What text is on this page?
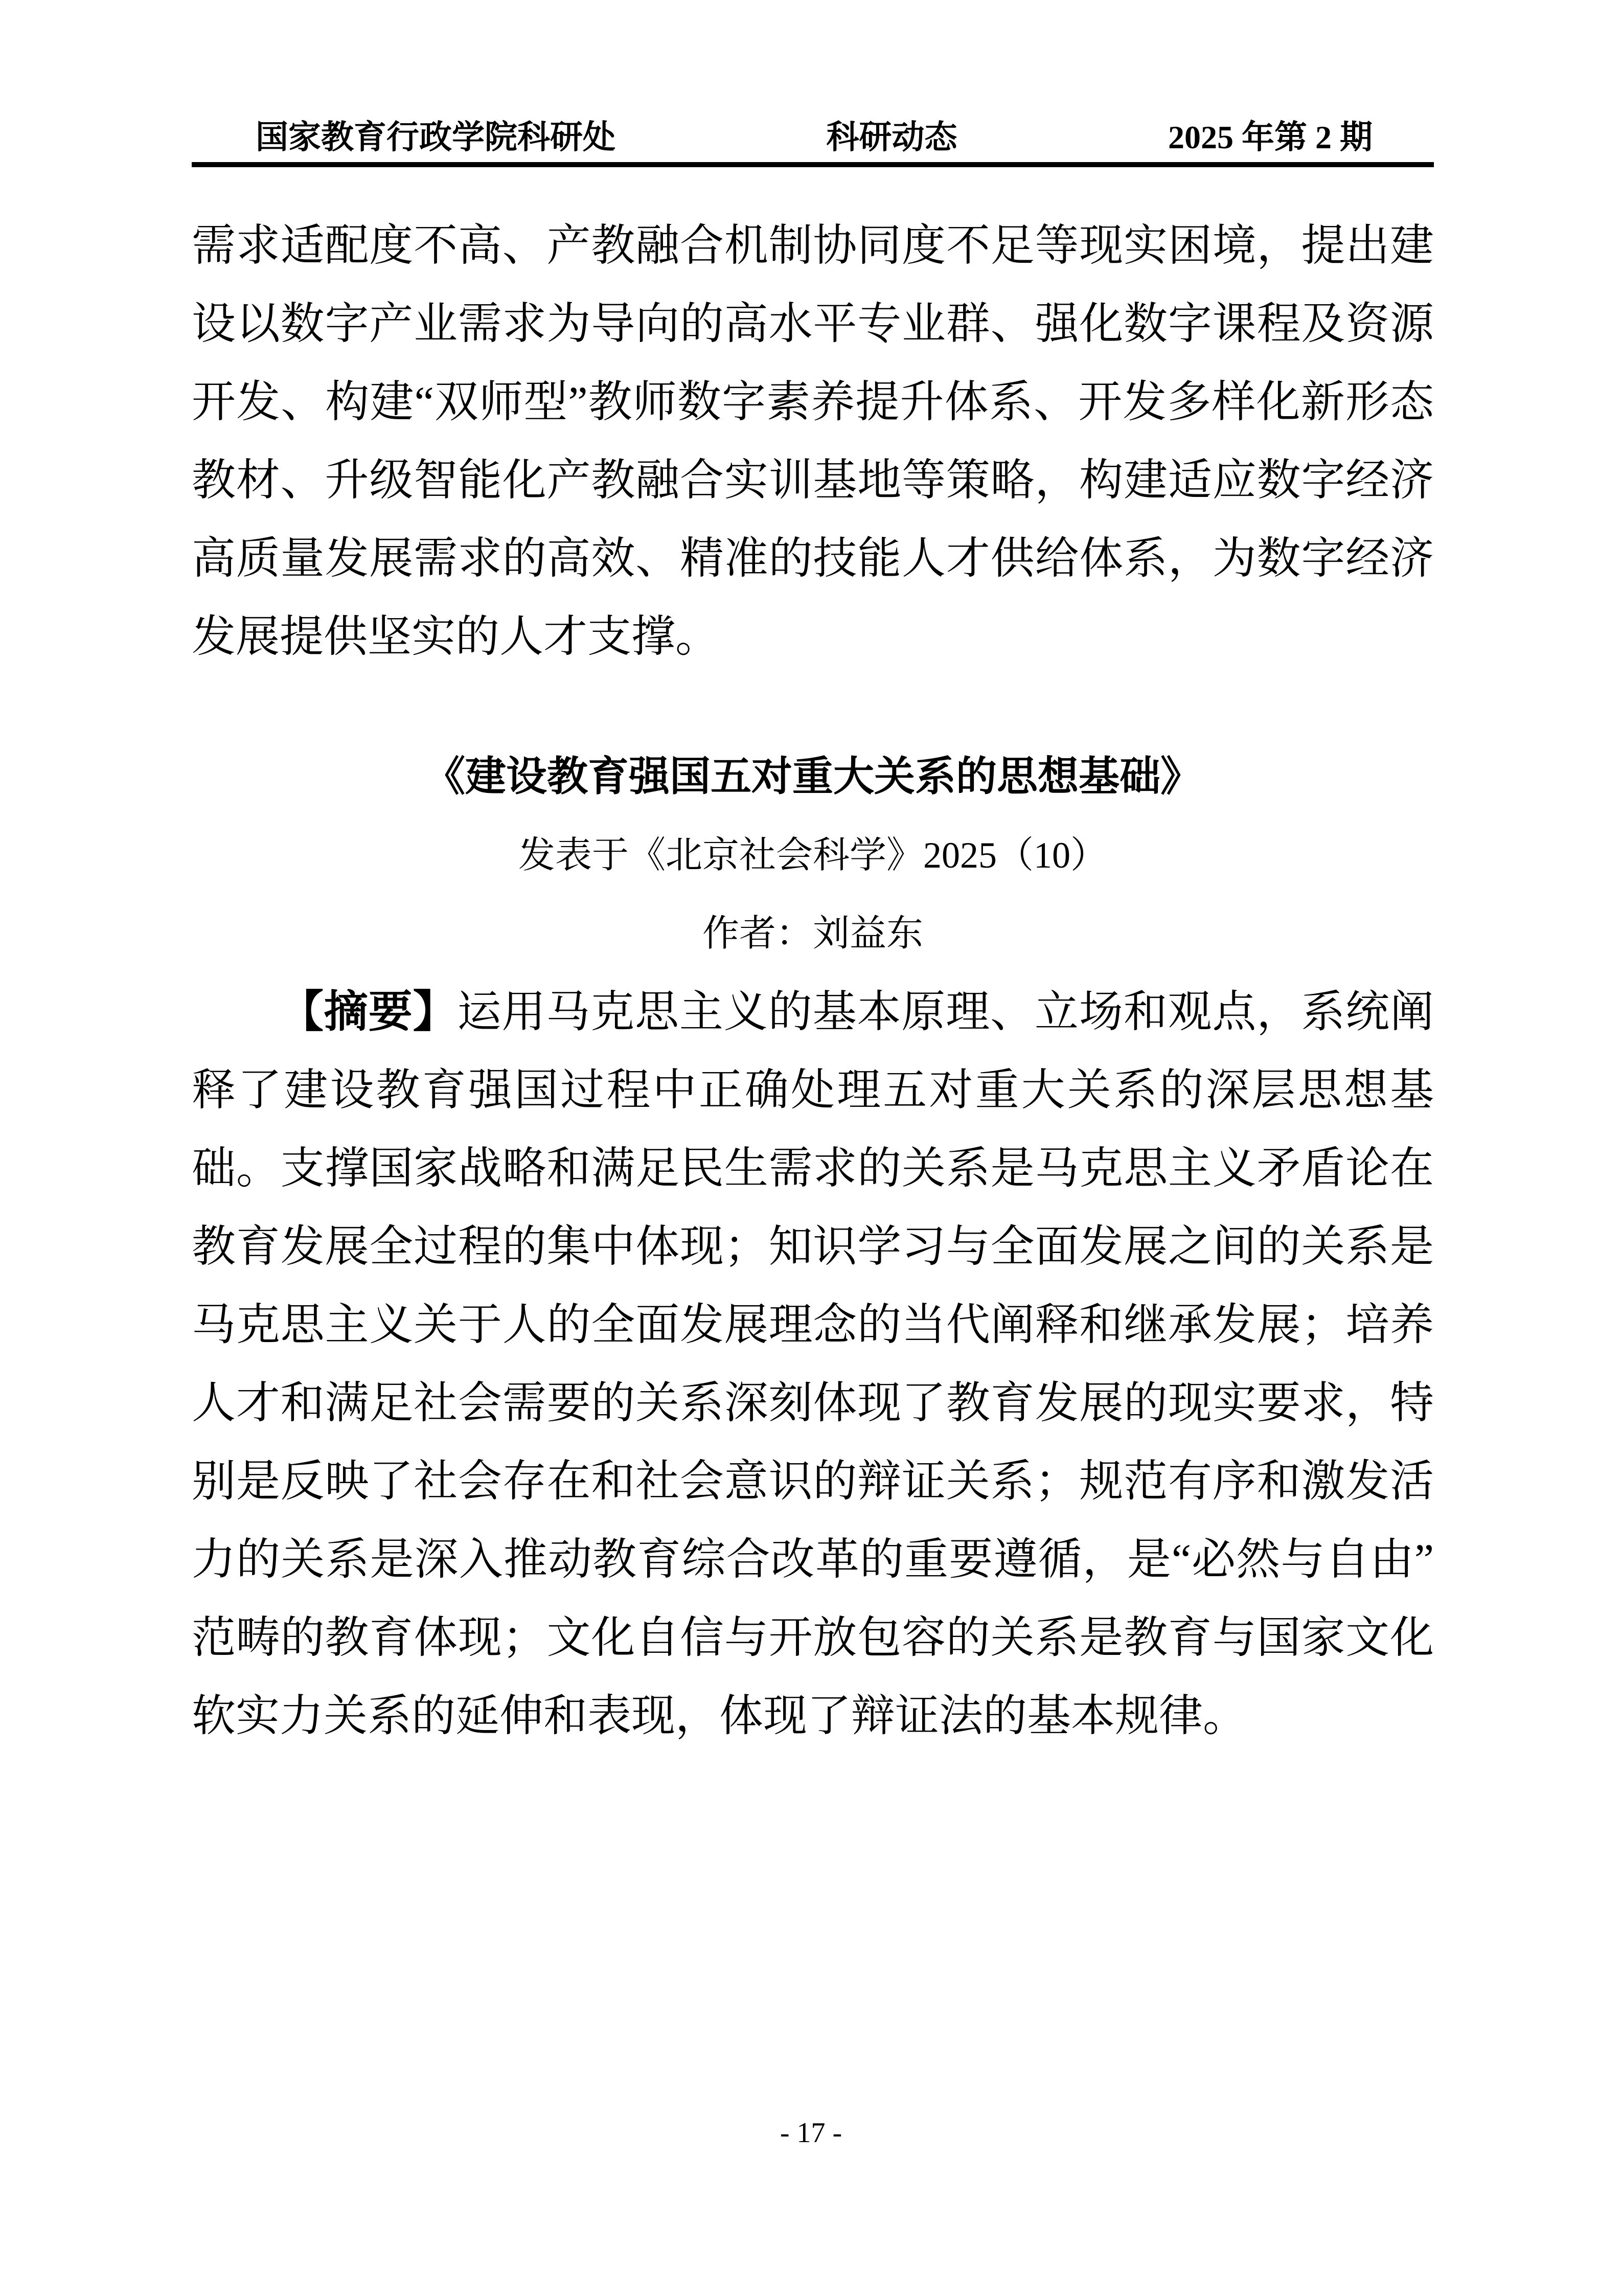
国家教育行政学院科研处	科研动态	2025 年第 2 期

需求适配度不高、产教融合机制协同度不足等现实困境，提出建设以数字产业需求为导向的高水平专业群、强化数字课程及资源开发、构建“双师型”教师数字素养提升体系、开发多样化新形态教材、升级智能化产教融合实训基地等策略，构建适应数字经济高质量发展需求的高效、精准的技能人才供给体系，为数字经济发展提供坚实的人才支撑。

《建设教育强国五对重大关系的思想基础》

发表于《北京社会科学》2025（10）

作者：刘益东

【摘要】运用马克思主义的基本原理、立场和观点，系统阐释了建设教育强国过程中正确处理五对重大关系的深层思想基础。支撑国家战略和满足民生需求的关系是马克思主义矛盾论在教育发展全过程的集中体现；知识学习与全面发展之间的关系是马克思主义关于人的全面发展理念的当代阐释和继承发展；培养人才和满足社会需要的关系深刻体现了教育发展的现实要求，特别是反映了社会存在和社会意识的辩证关系；规范有序和激发活力的关系是深入推动教育综合改革的重要遵循，是“必然与自由”范畴的教育体现；文化自信与开放包容的关系是教育与国家文化软实力关系的延伸和表现，体现了辩证法的基本规律。

- 17 -
